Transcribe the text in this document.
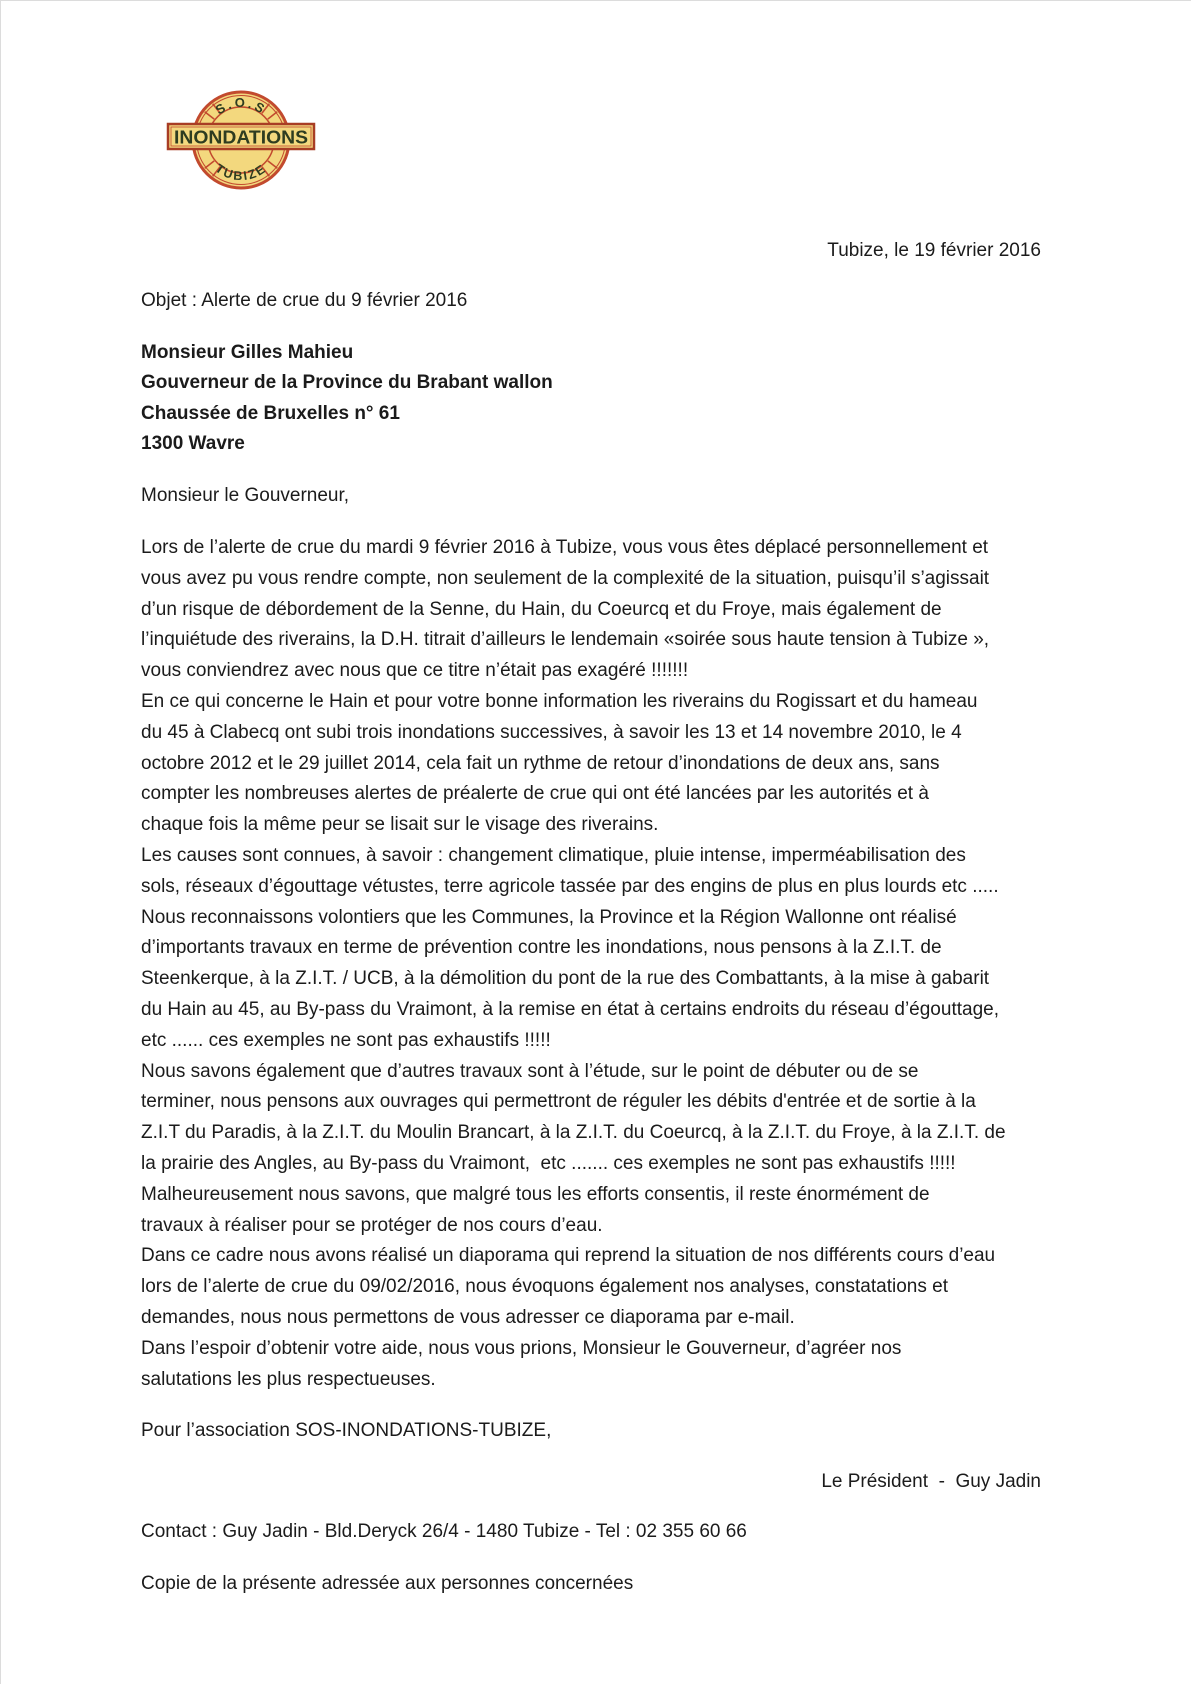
S.O.S
TUBIZE
INONDATIONS
Tubize, le 19 février 2016
Objet : Alerte de crue du 9 février 2016
Monsieur Gilles Mahieu
Gouverneur de la Province du Brabant wallon
Chaussée de Bruxelles n° 61
1300 Wavre
Monsieur le Gouverneur,
Lors de l’alerte de crue du mardi 9 février 2016 à Tubize, vous vous êtes déplacé personnellement et
vous avez pu vous rendre compte, non seulement de la complexité de la situation, puisqu’il s’agissait
d’un risque de débordement de la Senne, du Hain, du Coeurcq et du Froye, mais également de
l’inquiétude des riverains, la D.H. titrait d’ailleurs le lendemain «soirée sous haute tension à Tubize »,
vous conviendrez avec nous que ce titre n’était pas exagéré !!!!!!!
En ce qui concerne le Hain et pour votre bonne information les riverains du Rogissart et du hameau
du 45 à Clabecq ont subi trois inondations successives, à savoir les 13 et 14 novembre 2010, le 4
octobre 2012 et le 29 juillet 2014, cela fait un rythme de retour d’inondations de deux ans, sans
compter les nombreuses alertes de préalerte de crue qui ont été lancées par les autorités et à
chaque fois la même peur se lisait sur le visage des riverains.
Les causes sont connues, à savoir : changement climatique, pluie intense, imperméabilisation des
sols, réseaux d’égouttage vétustes, terre agricole tassée par des engins de plus en plus lourds etc .....
Nous reconnaissons volontiers que les Communes, la Province et la Région Wallonne ont réalisé
d’importants travaux en terme de prévention contre les inondations, nous pensons à la Z.I.T. de
Steenkerque, à la Z.I.T. / UCB, à la démolition du pont de la rue des Combattants, à la mise à gabarit
du Hain au 45, au By-pass du Vraimont, à la remise en état à certains endroits du réseau d’égouttage,
etc ...... ces exemples ne sont pas exhaustifs !!!!!
Nous savons également que d’autres travaux sont à l’étude, sur le point de débuter ou de se
terminer, nous pensons aux ouvrages qui permettront de réguler les débits d'entrée et de sortie à la
Z.I.T du Paradis, à la Z.I.T. du Moulin Brancart, à la Z.I.T. du Coeurcq, à la Z.I.T. du Froye, à la Z.I.T. de
la prairie des Angles, au By-pass du Vraimont,  etc ....... ces exemples ne sont pas exhaustifs !!!!!
Malheureusement nous savons, que malgré tous les efforts consentis, il reste énormément de
travaux à réaliser pour se protéger de nos cours d’eau.
Dans ce cadre nous avons réalisé un diaporama qui reprend la situation de nos différents cours d’eau
lors de l’alerte de crue du 09/02/2016, nous évoquons également nos analyses, constatations et
demandes, nous nous permettons de vous adresser ce diaporama par e-mail.
Dans l’espoir d’obtenir votre aide, nous vous prions, Monsieur le Gouverneur, d’agréer nos
salutations les plus respectueuses.
Pour l’association SOS-INONDATIONS-TUBIZE,
Le Président  -  Guy Jadin
Contact : Guy Jadin - Bld.Deryck 26/4 - 1480 Tubize - Tel : 02 355 60 66
Copie de la présente adressée aux personnes concernées
